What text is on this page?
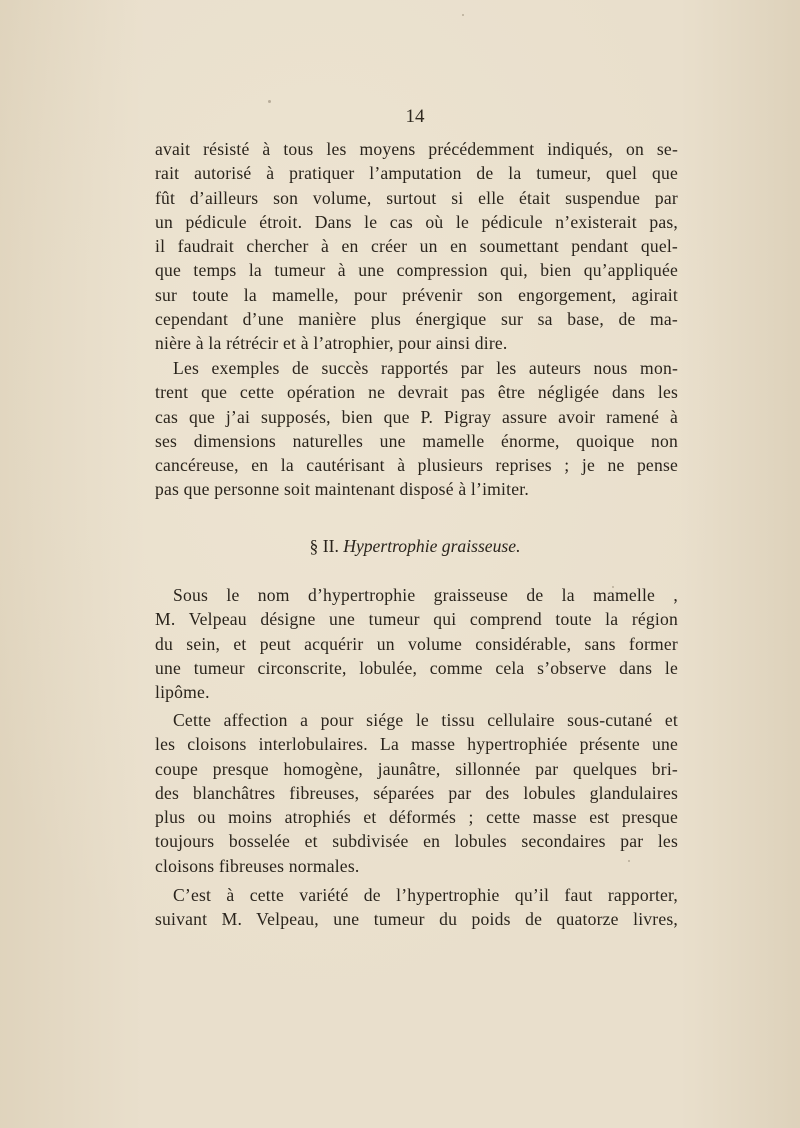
14
avait résisté à tous les moyens précédemment indiqués, on se-
rait autorisé à pratiquer l’amputation de la tumeur, quel que
fût d’ailleurs son volume, surtout si elle était suspendue par
un pédicule étroit. Dans le cas où le pédicule n’existerait pas,
il faudrait chercher à en créer un en soumettant pendant quel-
que temps la tumeur à une compression qui, bien qu’appliquée
sur toute la mamelle, pour prévenir son engorgement, agirait
cependant d’une manière plus énergique sur sa base, de ma-
nière à la rétrécir et à l’atrophier, pour ainsi dire.
Les exemples de succès rapportés par les auteurs nous mon-
trent que cette opération ne devrait pas être négligée dans les
cas que j’ai supposés, bien que P. Pigray assure avoir ramené à
ses dimensions naturelles une mamelle énorme, quoique non
cancéreuse, en la cautérisant à plusieurs reprises ; je ne pense
pas que personne soit maintenant disposé à l’imiter.
§ II. Hypertrophie graisseuse.
Sous le nom d’hypertrophie graisseuse de la mamelle ,
M. Velpeau désigne une tumeur qui comprend toute la région
du sein, et peut acquérir un volume considérable, sans former
une tumeur circonscrite, lobulée, comme cela s’observe dans le
lipôme.
Cette affection a pour siége le tissu cellulaire sous-cutané et
les cloisons interlobulaires. La masse hypertrophiée présente une
coupe presque homogène, jaunâtre, sillonnée par quelques bri-
des blanchâtres fibreuses, séparées par des lobules glandulaires
plus ou moins atrophiés et déformés ; cette masse est presque
toujours bosselée et subdivisée en lobules secondaires par les
cloisons fibreuses normales.
C’est à cette variété de l’hypertrophie qu’il faut rapporter,
suivant M. Velpeau, une tumeur du poids de quatorze livres,
